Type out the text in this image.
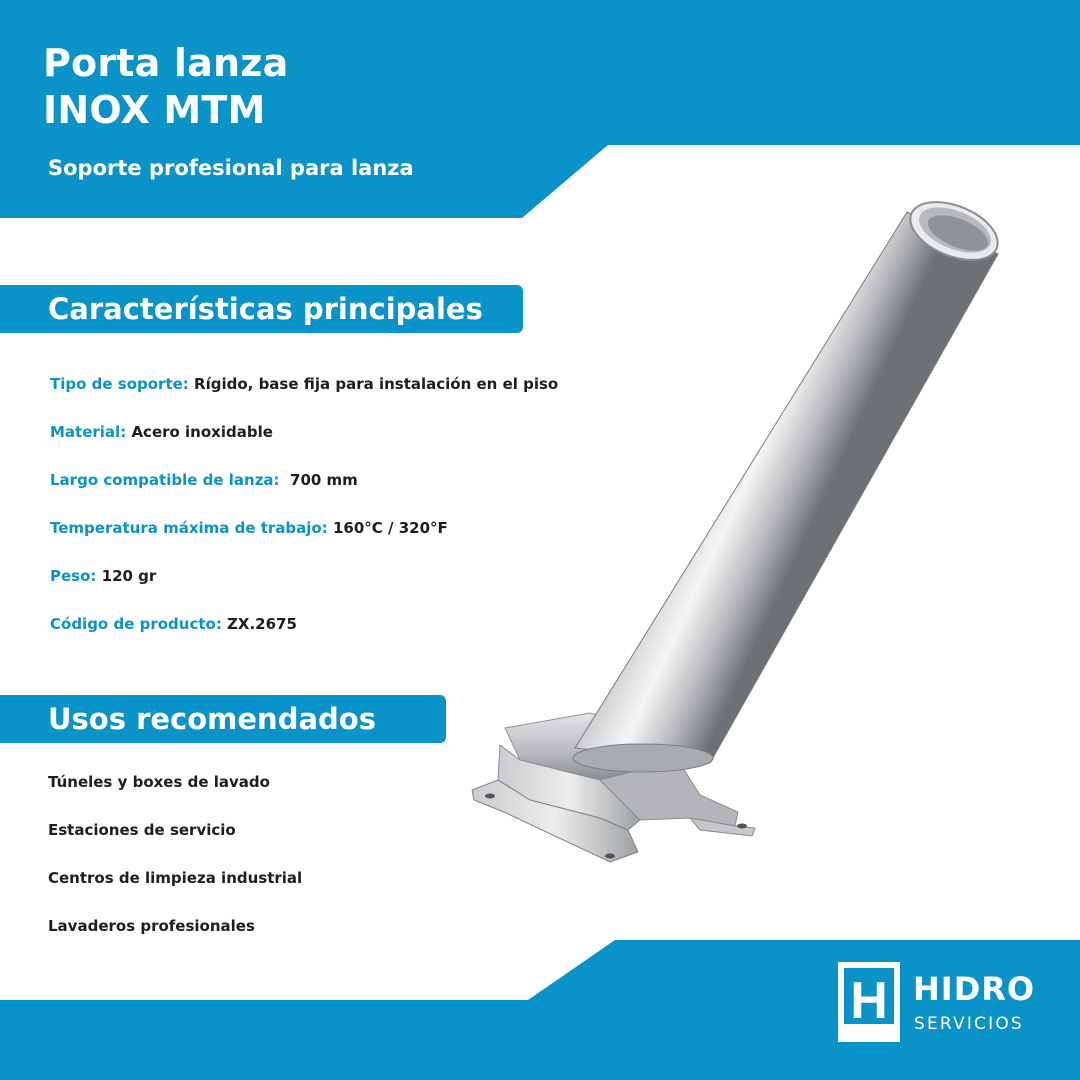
Porta lanza
INOX MTM

Soporte profesional para lanza

Características principales
Tipo de soporte: Rígido, base fija para instalación en el piso
Material: Acero inoxidable
Largo compatible de lanza:  700 mm
Temperatura máxima de trabajo: 160°C / 320°F
Peso: 120 gr
Código de producto: ZX.2675
Usos recomendados
Túneles y boxes de lavado
Estaciones de servicio
Centros de limpieza industrial
Lavaderos profesionales
H HIDRO
SERVICIOS
